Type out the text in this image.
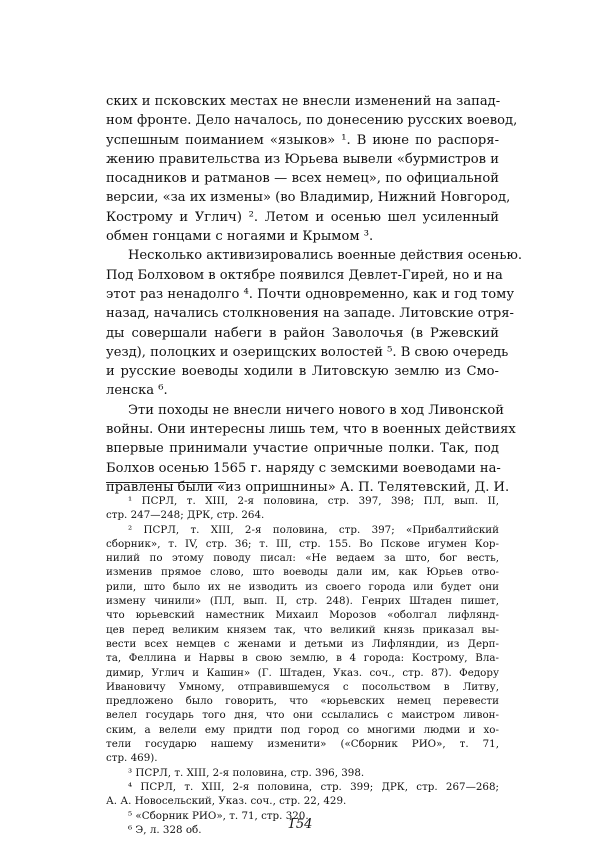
ских и псковских местах не внесли изменений на запад-
ном фронте. Дело началось, по донесению русских воевод,
успешным поиманием «языков» ¹. В июне по распоря-
жению правительства из Юрьева вывели «бурмистров и
посадников и ратманов — всех немец», по официальной
версии, «за их измены» (во Владимир, Нижний Новгород,
Кострому и Углич) ². Летом и осенью шел усиленный
обмен гонцами с ногаями и Крымом ³.
Несколько активизировались военные действия осенью.
Под Болховом в октябре появился Девлет-Гирей, но и на
этот раз ненадолго ⁴. Почти одновременно, как и год тому
назад, начались столкновения на западе. Литовские отря-
ды совершали набеги в район Заволочья (в Ржевский
уезд), полоцких и озерищских волостей ⁵. В свою очередь
и русские воеводы ходили в Литовскую землю из Смо-
ленска ⁶.
Эти походы не внесли ничего нового в ход Ливонской
войны. Они интересны лишь тем, что в военных действиях
впервые принимали участие опричные полки. Так, под
Болхов осенью 1565 г. наряду с земскими воеводами на-
правлены были «из опришнины» А. П. Телятевский, Д. И.
¹ ПСРЛ, т. XIII, 2-я половина, стр. 397, 398; ПЛ, вып. II,
стр. 247—248; ДРК, стр. 264.
² ПСРЛ, т. XIII, 2-я половина, стр. 397; «Прибалтийский
сборник», т. IV, стр. 36; т. III, стр. 155. Во Пскове игумен Кор-
нилий по этому поводу писал: «Не ведаем за што, бог весть,
изменив прямое слово, што воеводы дали им, как Юрьев отво-
рили, што было их не изводить из своего города или будет они
измену чинили» (ПЛ, вып. II, стр. 248). Генрих Штаден пишет,
что юрьевский наместник Михаил Морозов «оболгал лифлянд-
цев перед великим князем так, что великий князь приказал вы-
вести всех немцев с женами и детьми из Лифляндии, из Дерп-
та, Феллина и Нарвы в свою землю, в 4 города: Кострому, Вла-
димир, Углич и Кашин» (Г. Штаден, Указ. соч., стр. 87). Федору
Ивановичу Умному, отправившемуся с посольством в Литву,
предложено было говорить, что «юрьевских немец перевести
велел государь того дня, что они ссылались с маистром ливон-
ским, а велели ему придти под город со многими людми и хо-
тели государю нашему изменити» («Сборник РИО», т. 71,
стр. 469).
³ ПСРЛ, т. XIII, 2-я половина, стр. 396, 398.
⁴ ПСРЛ, т. XIII, 2-я половина, стр. 399; ДРК, стр. 267—268;
А. А. Новосельский, Указ. соч., стр. 22, 429.
⁵ «Сборник РИО», т. 71, стр. 320.
⁶ Э, л. 328 об.	154
